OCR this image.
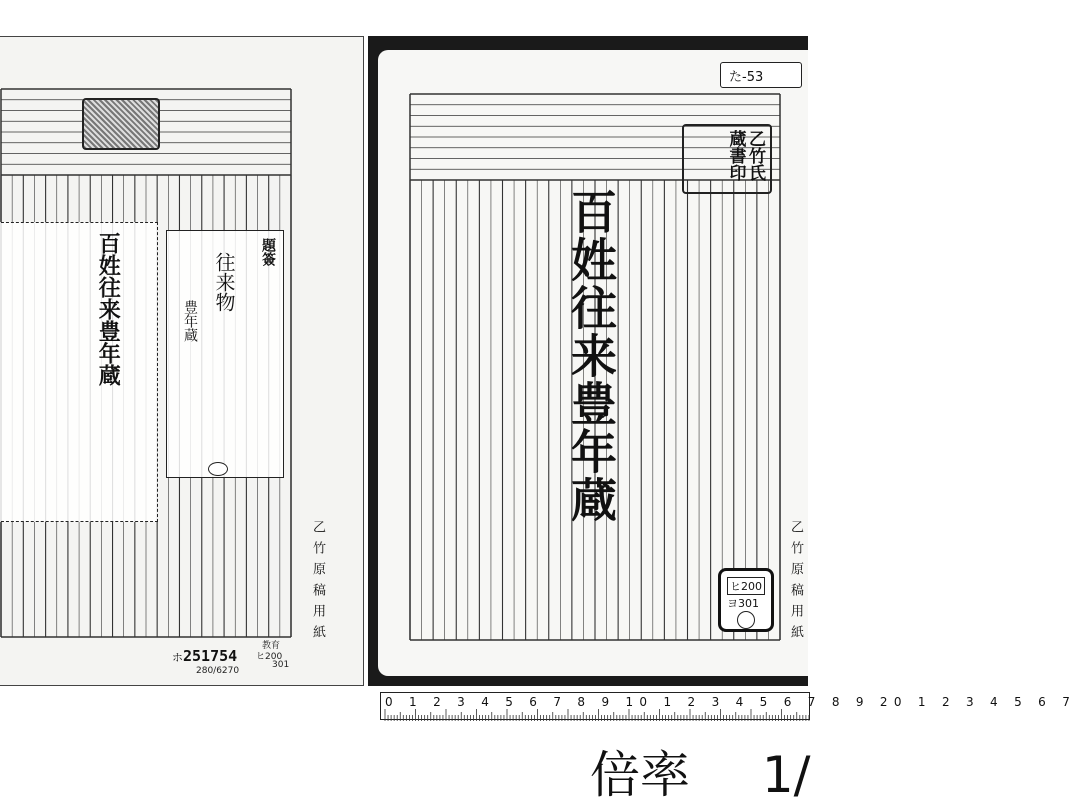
百姓往来豊年蔵	題簽
往来物
豊年蔵
乙竹原稿用紙
ホ251754
280/6270
教育
ヒ200
301
た-53
乙竹氏蔵書印
百姓往来豊年蔵
乙竹原稿用紙
ヒ200
ヨ301
0 1 2 3 4 5 6 7 8 9 10 1 2 3 4 5 6 7 8 9 20 1 2 3 4 5 6 7
倍率 1/
